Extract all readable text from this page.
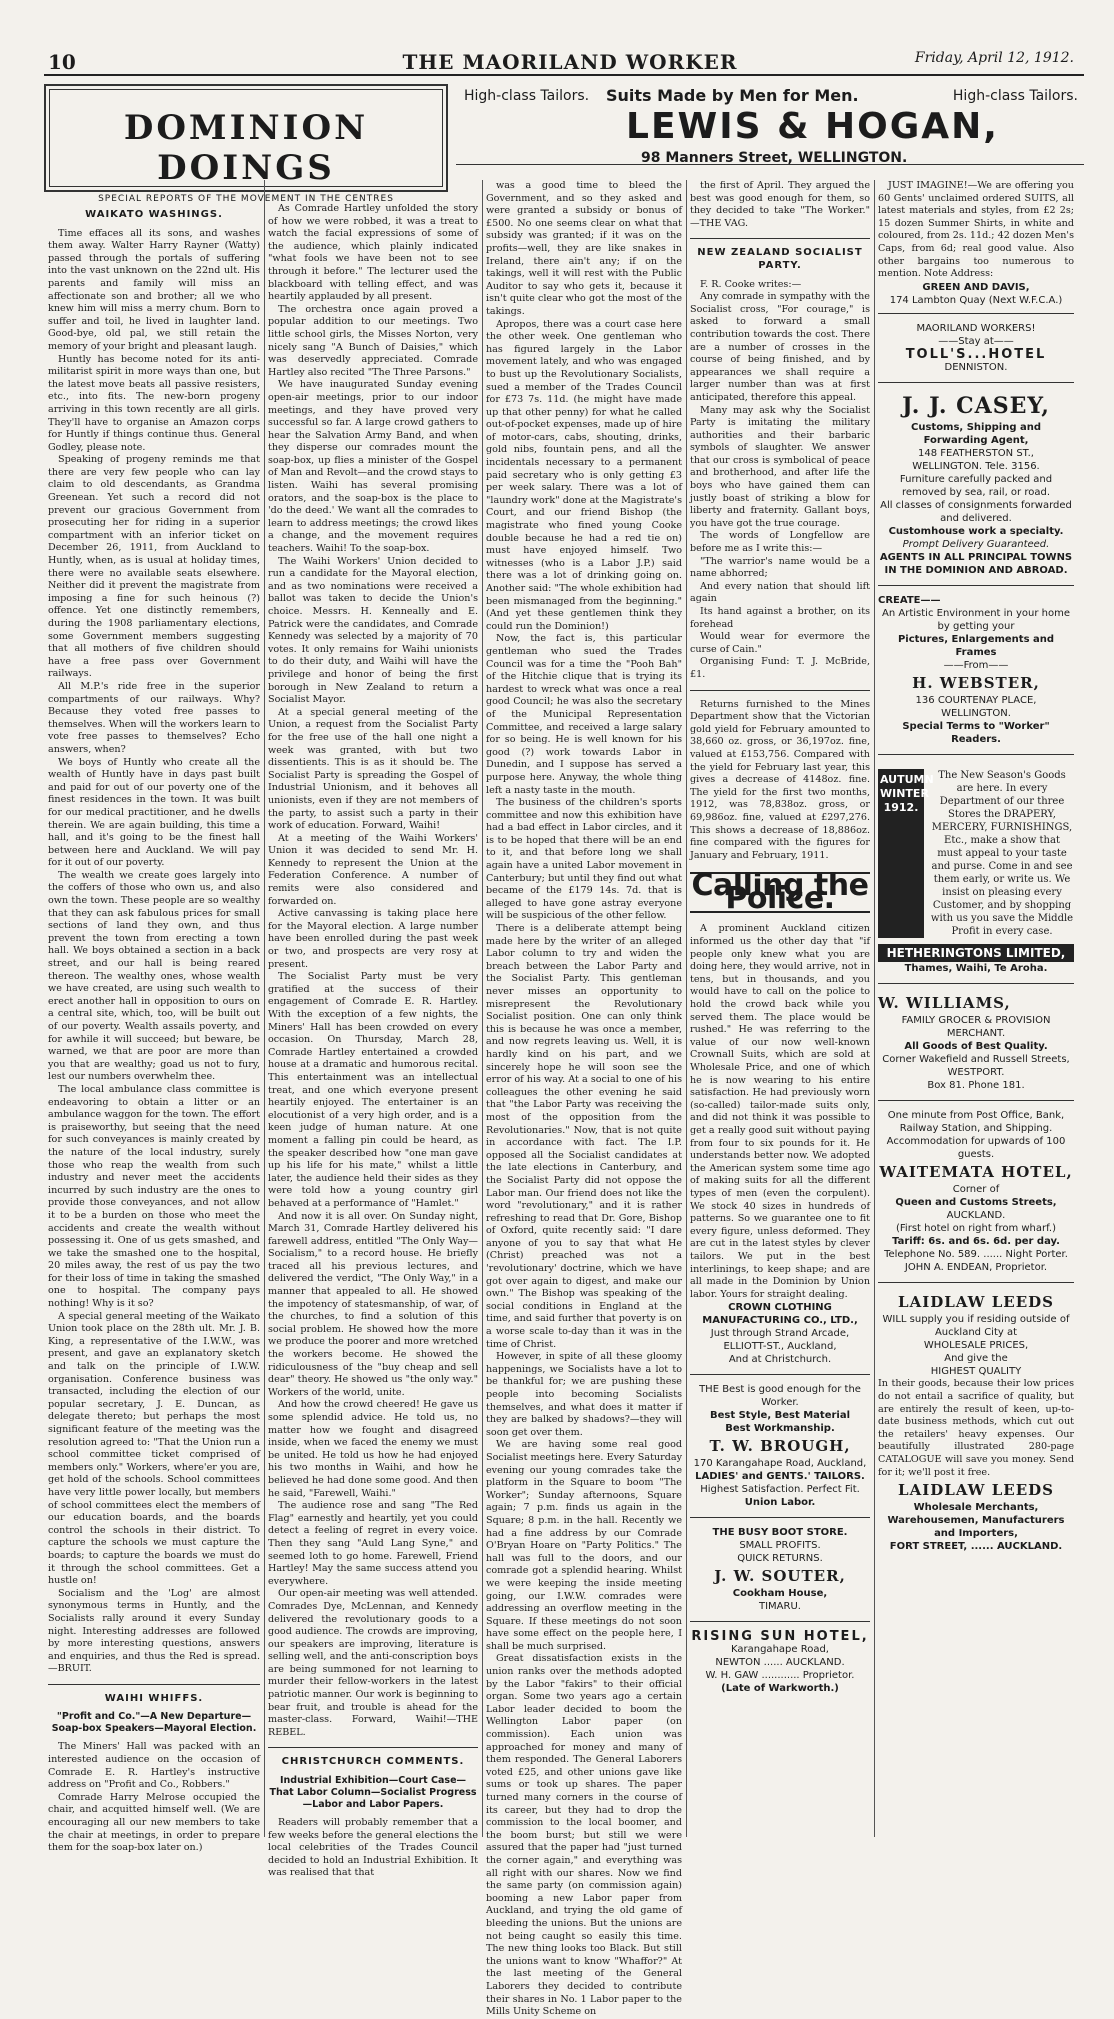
10	THE MAORILAND WORKER	Friday, April 12, 1912.
DOMINION DOINGS
SPECIAL REPORTS OF THE MOVEMENT IN THE CENTRES
High-class Tailors. Suits Made by Men for Men.	High-class Tailors.
LEWIS & HOGAN,
98 Manners Street, WELLINGTON.

WAIKATO WASHINGS.

Time effaces all its sons, and washes them away. Walter Harry Rayner (Watty) passed through the portals of suffering into the vast unknown on the 22nd ult. His parents and family will miss an affectionate son and brother; all we who knew him will miss a merry chum. Born to suffer and toil, he lived in laughter land. Good-bye, old pal, we still retain the memory of your bright and pleasant laugh.

Huntly has become noted for its anti-militarist spirit in more ways than one, but the latest move beats all passive resisters, etc., into fits. The new-born progeny arriving in this town recently are all girls. They'll have to organise an Amazon corps for Huntly if things continue thus. General Godley, please note.

Speaking of progeny reminds me that there are very few people who can lay claim to old descendants, as Grandma Greenean. Yet such a record did not prevent our gracious Government from prosecuting her for riding in a superior compartment with an inferior ticket on December 26, 1911, from Auckland to Huntly, when, as is usual at holiday times, there were no available seats elsewhere. Neither did it prevent the magistrate from imposing a fine for such heinous (?) offence. Yet one distinctly remembers, during the 1908 parliamentary elections, some Government members suggesting that all mothers of five children should have a free pass over Government railways.

All M.P.'s ride free in the superior compartments of our railways. Why? Because they voted free passes to themselves. When will the workers learn to vote free passes to themselves? Echo answers, when?

We boys of Huntly who create all the wealth of Huntly have in days past built and paid for out of our poverty one of the finest residences in the town. It was built for our medical practitioner, and he dwells therein. We are again building, this time a hall, and it's going to be the finest hall between here and Auckland. We will pay for it out of our poverty.

The wealth we create goes largely into the coffers of those who own us, and also own the town. These people are so wealthy that they can ask fabulous prices for small sections of land they own, and thus prevent the town from erecting a town hall. We boys obtained a section in a back street, and our hall is being reared thereon. The wealthy ones, whose wealth we have created, are using such wealth to erect another hall in opposition to ours on a central site, which, too, will be built out of our poverty. Wealth assails poverty, and for awhile it will succeed; but beware, be warned, we that are poor are more than you that are wealthy; goad us not to fury, lest our numbers overwhelm thee.

The local ambulance class committee is endeavoring to obtain a litter or an ambulance waggon for the town. The effort is praiseworthy, but seeing that the need for such conveyances is mainly created by the nature of the local industry, surely those who reap the wealth from such industry and never meet the accidents incurred by such industry are the ones to provide those conveyances, and not allow it to be a burden on those who meet the accidents and create the wealth without possessing it. One of us gets smashed, and we take the smashed one to the hospital, 20 miles away, the rest of us pay the two for their loss of time in taking the smashed one to hospital. The company pays nothing! Why is it so?

A special general meeting of the Waikato Union took place on the 28th ult. Mr. J. B. King, a representative of the I.W.W., was present, and gave an explanatory sketch and talk on the principle of I.W.W. organisation. Conference business was transacted, including the election of our popular secretary, J. E. Duncan, as delegate thereto; but perhaps the most significant feature of the meeting was the resolution agreed to: "That the Union run a school committee ticket comprised of members only." Workers, where'er you are, get hold of the schools. School committees have very little power locally, but members of school committees elect the members of our education boards, and the boards control the schools in their district. To capture the schools we must capture the boards; to capture the boards we must do it through the school committees. Get a hustle on!

Socialism and the 'Log' are almost synonymous terms in Huntly, and the Socialists rally around it every Sunday night. Interesting addresses are followed by more interesting questions, answers and enquiries, and thus the Red is spread.—BRUIT.

WAIHI WHIFFS.

"Profit and Co."—A New Departure—Soap-box Speakers—Mayoral Election.

The Miners' Hall was packed with an interested audience on the occasion of Comrade E. R. Hartley's instructive address on "Profit and Co., Robbers."

Comrade Harry Melrose occupied the chair, and acquitted himself well. (We are encouraging all our new members to take the chair at meetings, in order to prepare them for the soap-box later on.)

As Comrade Hartley unfolded the story of how we were robbed, it was a treat to watch the facial expressions of some of the audience, which plainly indicated "what fools we have been not to see through it before." The lecturer used the blackboard with telling effect, and was heartily applauded by all present.

The orchestra once again proved a popular addition to our meetings. Two little school girls, the Misses Norton, very nicely sang "A Bunch of Daisies," which was deservedly appreciated. Comrade Hartley also recited "The Three Parsons."

We have inaugurated Sunday evening open-air meetings, prior to our indoor meetings, and they have proved very successful so far. A large crowd gathers to hear the Salvation Army Band, and when they disperse our comrades mount the soap-box, up flies a minister of the Gospel of Man and Revolt—and the crowd stays to listen. Waihi has several promising orators, and the soap-box is the place to 'do the deed.' We want all the comrades to learn to address meetings; the crowd likes a change, and the movement requires teachers. Waihi! To the soap-box.

The Waihi Workers' Union decided to run a candidate for the Mayoral election, and as two nominations were received a ballot was taken to decide the Union's choice. Messrs. H. Kenneally and E. Patrick were the candidates, and Comrade Kennedy was selected by a majority of 70 votes. It only remains for Waihi unionists to do their duty, and Waihi will have the privilege and honor of being the first borough in New Zealand to return a Socialist Mayor.

At a special general meeting of the Union, a request from the Socialist Party for the free use of the hall one night a week was granted, with but two dissentients. This is as it should be. The Socialist Party is spreading the Gospel of Industrial Unionism, and it behoves all unionists, even if they are not members of the party, to assist such a party in their work of education. Forward, Waihi!

At a meeting of the Waihi Workers' Union it was decided to send Mr. H. Kennedy to represent the Union at the Federation Conference. A number of remits were also considered and forwarded on.

Active canvassing is taking place here for the Mayoral election. A large number have been enrolled during the past week or two, and prospects are very rosy at present.

The Socialist Party must be very gratified at the success of their engagement of Comrade E. R. Hartley. With the exception of a few nights, the Miners' Hall has been crowded on every occasion. On Thursday, March 28, Comrade Hartley entertained a crowded house at a dramatic and humorous recital. This entertainment was an intellectual treat, and one which everyone present heartily enjoyed. The entertainer is an elocutionist of a very high order, and is a keen judge of human nature. At one moment a falling pin could be heard, as the speaker described how "one man gave up his life for his mate," whilst a little later, the audience held their sides as they were told how a young country girl behaved at a performance of "Hamlet."

And now it is all over. On Sunday night, March 31, Comrade Hartley delivered his farewell address, entitled "The Only Way—Socialism," to a record house. He briefly traced all his previous lectures, and delivered the verdict, "The Only Way," in a manner that appealed to all. He showed the impotency of statesmanship, of war, of the churches, to find a solution of this social problem. He showed how the more we produce the poorer and more wretched the workers become. He showed the ridiculousness of the "buy cheap and sell dear" theory. He showed us "the only way." Workers of the world, unite.

And how the crowd cheered! He gave us some splendid advice. He told us, no matter how we fought and disagreed inside, when we faced the enemy we must be united. He told us how he had enjoyed his two months in Waihi, and how he believed he had done some good. And then he said, "Farewell, Waihi."

The audience rose and sang "The Red Flag" earnestly and heartily, yet you could detect a feeling of regret in every voice. Then they sang "Auld Lang Syne," and seemed loth to go home. Farewell, Friend Hartley! May the same success attend you everywhere.

Our open-air meeting was well attended. Comrades Dye, McLennan, and Kennedy delivered the revolutionary goods to a good audience. The crowds are improving, our speakers are improving, literature is selling well, and the anti-conscription boys are being summoned for not learning to murder their fellow-workers in the latest patriotic manner. Our work is beginning to bear fruit, and trouble is ahead for the master-class. Forward, Waihi!—THE REBEL.

CHRISTCHURCH COMMENTS.

Industrial Exhibition—Court Case—That Labor Column—Socialist Progress—Labor and Labor Papers.

Readers will probably remember that a few weeks before the general elections the local celebrities of the Trades Council decided to hold an Industrial Exhibition. It was realised that that

was a good time to bleed the Government, and so they asked and were granted a subsidy or bonus of £500. No one seems clear on what that subsidy was granted; if it was on the profits—well, they are like snakes in Ireland, there ain't any; if on the takings, well it will rest with the Public Auditor to say who gets it, because it isn't quite clear who got the most of the takings.

Apropos, there was a court case here the other week. One gentleman who has figured largely in the Labor movement lately, and who was engaged to bust up the Revolutionary Socialists, sued a member of the Trades Council for £73 7s. 11d. (he might have made up that other penny) for what he called out-of-pocket expenses, made up of hire of motor-cars, cabs, shouting, drinks, gold nibs, fountain pens, and all the incidentals necessary to a permanent paid secretary who is only getting £3 per week salary. There was a lot of "laundry work" done at the Magistrate's Court, and our friend Bishop (the magistrate who fined young Cooke double because he had a red tie on) must have enjoyed himself. Two witnesses (who is a Labor J.P.) said there was a lot of drinking going on. Another said: "The whole exhibition had been mismanaged from the beginning." (And yet these gentlemen think they could run the Dominion!)

Now, the fact is, this particular gentleman who sued the Trades Council was for a time the "Pooh Bah" of the Hitchie clique that is trying its hardest to wreck what was once a real good Council; he was also the secretary of the Municipal Representation Committee, and received a large salary for so being. He is well known for his good (?) work towards Labor in Dunedin, and I suppose has served a purpose here. Anyway, the whole thing left a nasty taste in the mouth.

The business of the children's sports committee and now this exhibition have had a bad effect in Labor circles, and it is to be hoped that there will be an end to it, and that before long we shall again have a united Labor movement in Canterbury; but until they find out what became of the £179 14s. 7d. that is alleged to have gone astray everyone will be suspicious of the other fellow.

There is a deliberate attempt being made here by the writer of an alleged Labor column to try and widen the breach between the Labor Party and the Socialist Party. This gentleman never misses an opportunity to misrepresent the Revolutionary Socialist position. One can only think this is because he was once a member, and now regrets leaving us. Well, it is hardly kind on his part, and we sincerely hope he will soon see the error of his way. At a social to one of his colleagues the other evening he said that "the Labor Party was receiving the most of the opposition from the Revolutionaries." Now, that is not quite in accordance with fact. The I.P. opposed all the Socialist candidates at the late elections in Canterbury, and the Socialist Party did not oppose the Labor man. Our friend does not like the word "revolutionary," and it is rather refreshing to read that Dr. Gore, Bishop of Oxford, quite recently said: "I dare anyone of you to say that what He (Christ) preached was not a 'revolutionary' doctrine, which we have got over again to digest, and make our own." The Bishop was speaking of the social conditions in England at the time, and said further that poverty is on a worse scale to-day than it was in the time of Christ.

However, in spite of all these gloomy happenings, we Socialists have a lot to be thankful for; we are pushing these people into becoming Socialists themselves, and what does it matter if they are balked by shadows?—they will soon get over them.

We are having some real good Socialist meetings here. Every Saturday evening our young comrades take the platform in the Square to boom "The Worker"; Sunday afternoons, Square again; 7 p.m. finds us again in the Square; 8 p.m. in the hall. Recently we had a fine address by our Comrade O'Bryan Hoare on "Party Politics." The hall was full to the doors, and our comrade got a splendid hearing. Whilst we were keeping the inside meeting going, our I.W.W. comrades were addressing an overflow meeting in the Square. If these meetings do not soon have some effect on the people here, I shall be much surprised.

Great dissatisfaction exists in the union ranks over the methods adopted by the Labor "fakirs" to their official organ. Some two years ago a certain Labor leader decided to boom the Wellington Labor paper (on commission). Each union was approached for money and many of them responded. The General Laborers voted £25, and other unions gave like sums or took up shares. The paper turned many corners in the course of its career, but they had to drop the commission to the local boomer, and the boom burst; but still we were assured that the paper had "just turned the corner again," and everything was all right with our shares. Now we find the same party (on commission again) booming a new Labor paper from Auckland, and trying the old game of bleeding the unions. But the unions are not being caught so easily this time. The new thing looks too Black. But still the unions want to know "Whaffor?" At the last meeting of the General Laborers they decided to contribute their shares in No. 1 Labor paper to the Mills Unity Scheme on

the first of April. They argued the best was good enough for them, so they decided to take "The Worker." —THE VAG.

NEW ZEALAND SOCIALIST PARTY.

F. R. Cooke writes:—

Any comrade in sympathy with the Socialist cross, "For courage," is asked to forward a small contribution towards the cost. There are a number of crosses in the course of being finished, and by appearances we shall require a larger number than was at first anticipated, therefore this appeal.

Many may ask why the Socialist Party is imitating the military authorities and their barbaric symbols of slaughter. We answer that our cross is symbolical of peace and brotherhood, and after life the boys who have gained them can justly boast of striking a blow for liberty and fraternity. Gallant boys, you have got the true courage.

The words of Longfellow are before me as I write this:—

"The warrior's name would be a name abhorred;

And every nation that should lift again

Its hand against a brother, on its forehead

Would wear for evermore the curse of Cain."

Organising Fund: T. J. McBride, £1.

Returns furnished to the Mines Department show that the Victorian gold yield for February amounted to 38,660 oz. gross, or 36,197oz. fine, valued at £153,756. Compared with the yield for February last year, this gives a decrease of 4148oz. fine. The yield for the first two months, 1912, was 78,838oz. gross, or 69,986oz. fine, valued at £297,276. This shows a decrease of 18,886oz. fine compared with the figures for January and February, 1911.

Calling the Police.

A prominent Auckland citizen informed us the other day that "if people only knew what you are doing here, they would arrive, not in tens, but in thousands, and you would have to call on the police to hold the crowd back while you served them. The place would be rushed." He was referring to the value of our now well-known Crownall Suits, which are sold at Wholesale Price, and one of which he is now wearing to his entire satisfaction. He had previously worn (so-called) tailor-made suits only, and did not think it was possible to get a really good suit without paying from four to six pounds for it. He understands better now. We adopted the American system some time ago of making suits for all the different types of men (even the corpulent). We stock 40 sizes in hundreds of patterns. So we guarantee one to fit every figure, unless deformed. They are cut in the latest styles by clever tailors. We put in the best interlinings, to keep shape; and are all made in the Dominion by Union labor. Yours for straight dealing.

CROWN CLOTHING MANUFACTURING CO., LTD.,

Just through Strand Arcade,

ELLIOTT-ST., Auckland,

And at Christchurch.

THE Best is good enough for the Worker.

Best Style, Best Material

Best Workmanship.

T. W. BROUGH,

170 Karangahape Road, Auckland,

LADIES' and GENTS.' TAILORS.

Highest Satisfaction. Perfect Fit.

Union Labor.

THE BUSY BOOT STORE.

SMALL PROFITS.

QUICK RETURNS.

J. W. SOUTER,

Cookham House,

TIMARU.

RISING SUN HOTEL,

Karangahape Road,

NEWTON ...... AUCKLAND.

W. H. GAW ............ Proprietor.

(Late of Warkworth.)

JUST IMAGINE!—We are offering you 60 Gents' unclaimed ordered SUITS, all latest materials and styles, from £2 2s; 15 dozen Summer Shirts, in white and coloured, from 2s. 11d.; 42 dozen Men's Caps, from 6d; real good value. Also other bargains too numerous to mention. Note Address:

GREEN AND DAVIS,

174 Lambton Quay (Next W.F.C.A.)

MAORILAND WORKERS!

——Stay at——

TOLL'S...HOTEL

DENNISTON.

J. J. CASEY,

Customs, Shipping and Forwarding Agent,

148 FEATHERSTON ST.,

WELLINGTON. Tele. 3156.

Furniture carefully packed and removed by sea, rail, or road.

All classes of consignments forwarded and delivered.

Customhouse work a specialty.

Prompt Delivery Guaranteed.

AGENTS IN ALL PRINCIPAL TOWNS IN THE DOMINION AND ABROAD.

CREATE——

An Artistic Environment in your home by getting your

Pictures, Enlargements and Frames

——From——

H. WEBSTER,

136 COURTENAY PLACE,

WELLINGTON.

Special Terms to "Worker" Readers.

AUTUMN WINTER 1912.
The New Season's Goods are here. In every Department of our three Stores the DRAPERY, MERCERY, FURNISHINGS, Etc., make a show that must appeal to your taste and purse. Come in and see them early, or write us. We insist on pleasing every Customer, and by shopping with us you save the Middle Profit in every case.
HETHERINGTONS LIMITED,

Thames, Waihi, Te Aroha.

W. WILLIAMS,

FAMILY GROCER & PROVISION MERCHANT.

All Goods of Best Quality.

Corner Wakefield and Russell Streets, WESTPORT.

Box 81. Phone 181.

One minute from Post Office, Bank, Railway Station, and Shipping.

Accommodation for upwards of 100 guests.

WAITEMATA HOTEL,

Corner of

Queen and Customs Streets,

AUCKLAND.

(First hotel on right from wharf.)

Tariff: 6s. and 6s. 6d. per day.

Telephone No. 589. ...... Night Porter.

JOHN A. ENDEAN, Proprietor.

LAIDLAW LEEDS

WILL supply you if residing outside of Auckland City at

WHOLESALE PRICES,

And give the

HIGHEST QUALITY

In their goods, because their low prices do not entail a sacrifice of quality, but are entirely the result of keen, up-to-date business methods, which cut out the retailers' heavy expenses. Our beautifully illustrated 280-page CATALOGUE will save you money. Send for it; we'll post it free.

LAIDLAW LEEDS

Wholesale Merchants, Warehousemen, Manufacturers and Importers,

FORT STREET, ...... AUCKLAND.
